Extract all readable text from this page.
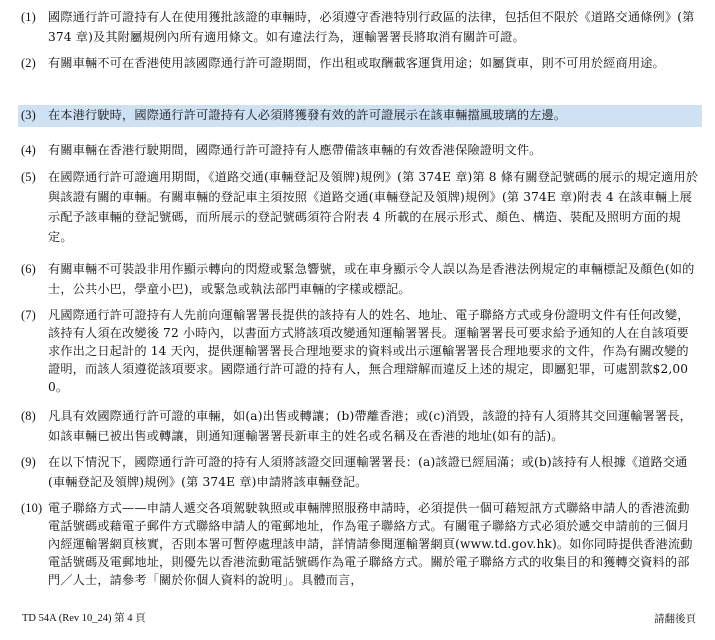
(1) 國際通行許可證持有人在使用獲批該證的車輛時，必須遵守香港特別行政區的法律，包括但不限於《道路交通條例》(第 374 章)及其附屬規例內所有適用條文。如有違法行為，運輸署署長將取消有關許可證。
(2) 有關車輛不可在香港使用該國際通行許可證期間，作出租或取酬載客運貨用途；如屬貨車，則不可用於經商用途。
(3) 在本港行駛時，國際通行許可證持有人必須將獲發有效的許可證展示在該車輛擋風玻璃的左邊。
(4) 有關車輛在香港行駛期間，國際通行許可證持有人應帶備該車輛的有效香港保險證明文件。
(5) 在國際通行許可證適用期間，《道路交通(車輛登記及領牌)規例》(第 374E 章)第 8 條有關登記號碼的展示的規定適用於與該證有關的車輛。有關車輛的登記車主須按照《道路交通(車輛登記及領牌)規例》(第 374E 章)附表 4 在該車輛上展示配予該車輛的登記號碼，而所展示的登記號碼須符合附表 4 所載的在展示形式、顏色、構造、裝配及照明方面的規定。
(6) 有關車輛不可裝設非用作顯示轉向的閃燈或緊急響號，或在車身顯示令人誤以為是香港法例規定的車輛標記及顏色(如的士，公共小巴，學童小巴)，或緊急或執法部門車輛的字樣或標記。
(7) 凡國際通行許可證持有人先前向運輸署署長提供的該持有人的姓名、地址、電子聯絡方式或身份證明文件有任何改變，該持有人須在改變後 72 小時內，以書面方式將該項改變通知運輸署署長。運輸署署長可要求給予通知的人在自該項要求作出之日起計的 14 天內，提供運輸署署長合理地要求的資料或出示運輸署署長合理地要求的文件，作為有關改變的證明，而該人須遵從該項要求。國際通行許可證的持有人，無合理辯解而違反上述的規定，即屬犯罪，可處罰款$2,000。
(8) 凡具有效國際通行許可證的車輛，如(a)出售或轉讓；(b)帶離香港；或(c)消毀，該證的持有人須將其交回運輸署署長，如該車輛已被出售或轉讓，則通知運輸署署長新車主的姓名或名稱及在香港的地址(如有的話)。
(9) 在以下情況下，國際通行許可證的持有人須將該證交回運輸署署長：(a)該證已經屆滿；或(b)該持有人根據《道路交通(車輛登記及領牌)規例》(第 374E 章)申請將該車輛登記。
(10) 電子聯絡方式——申請人遞交各項駕駛執照或車輛牌照服務申請時，必須提供一個可藉短訊方式聯絡申請人的香港流動電話號碼或藉電子郵件方式聯絡申請人的電郵地址，作為電子聯絡方式。有關電子聯絡方式必須於遞交申請前的三個月內經運輸署網頁核實，否則本署可暫停處理該申請，詳情請參閱運輸署網頁(www.td.gov.hk)。如你同時提供香港流動電話號碼及電郵地址，則優先以香港流動電話號碼作為電子聯絡方式。關於電子聯絡方式的收集目的和獲轉交資料的部門／人士，請參考「關於你個人資料的說明」。具體而言，
TD 54A (Rev 10_24) 第 4 頁	請翻後頁
